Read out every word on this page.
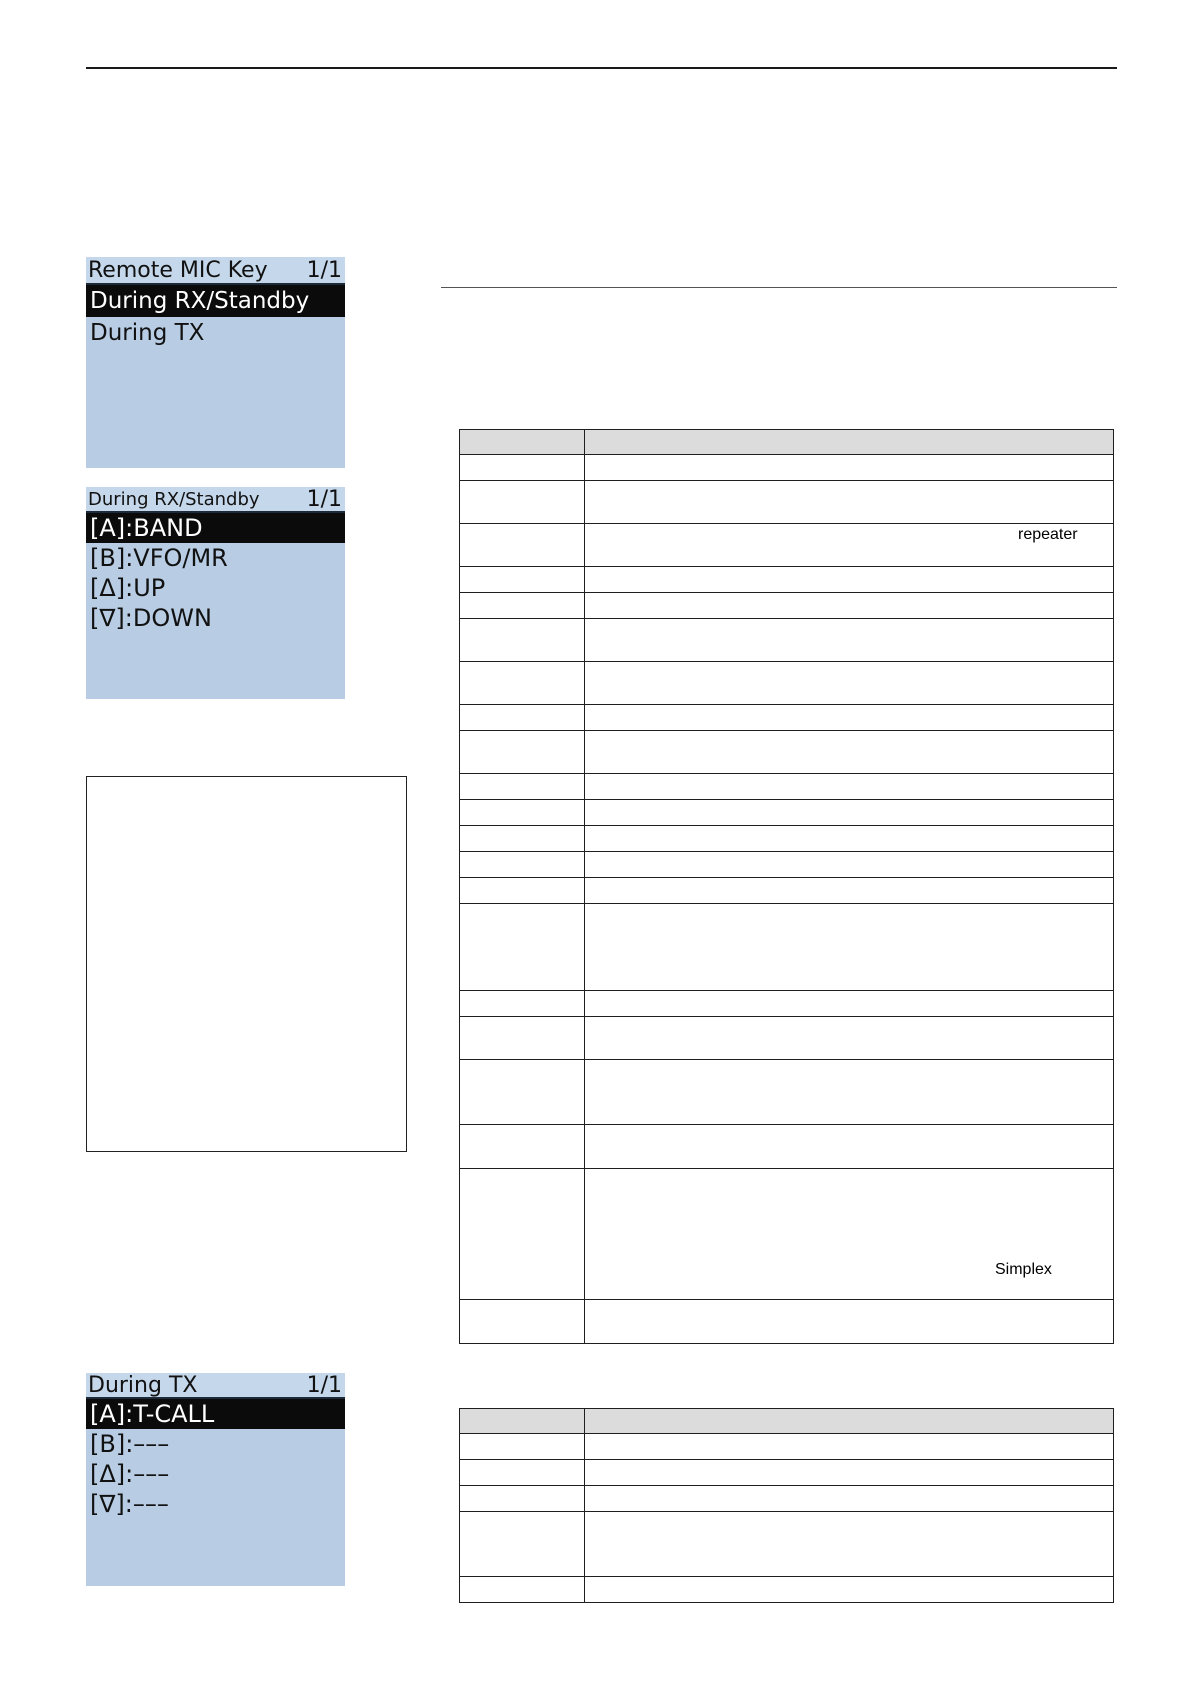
Remote MIC Key 1/1
During RX/Standby
During TX
During RX/Standby 1/1
[A]:BAND
[B]:VFO/MR
[Δ]:UP
[∇]:DOWN
During TX	1/1
[A]:T-CALL
[B]:–––
[Δ]:–––
[∇]:–––

	repeater

	Simplex
